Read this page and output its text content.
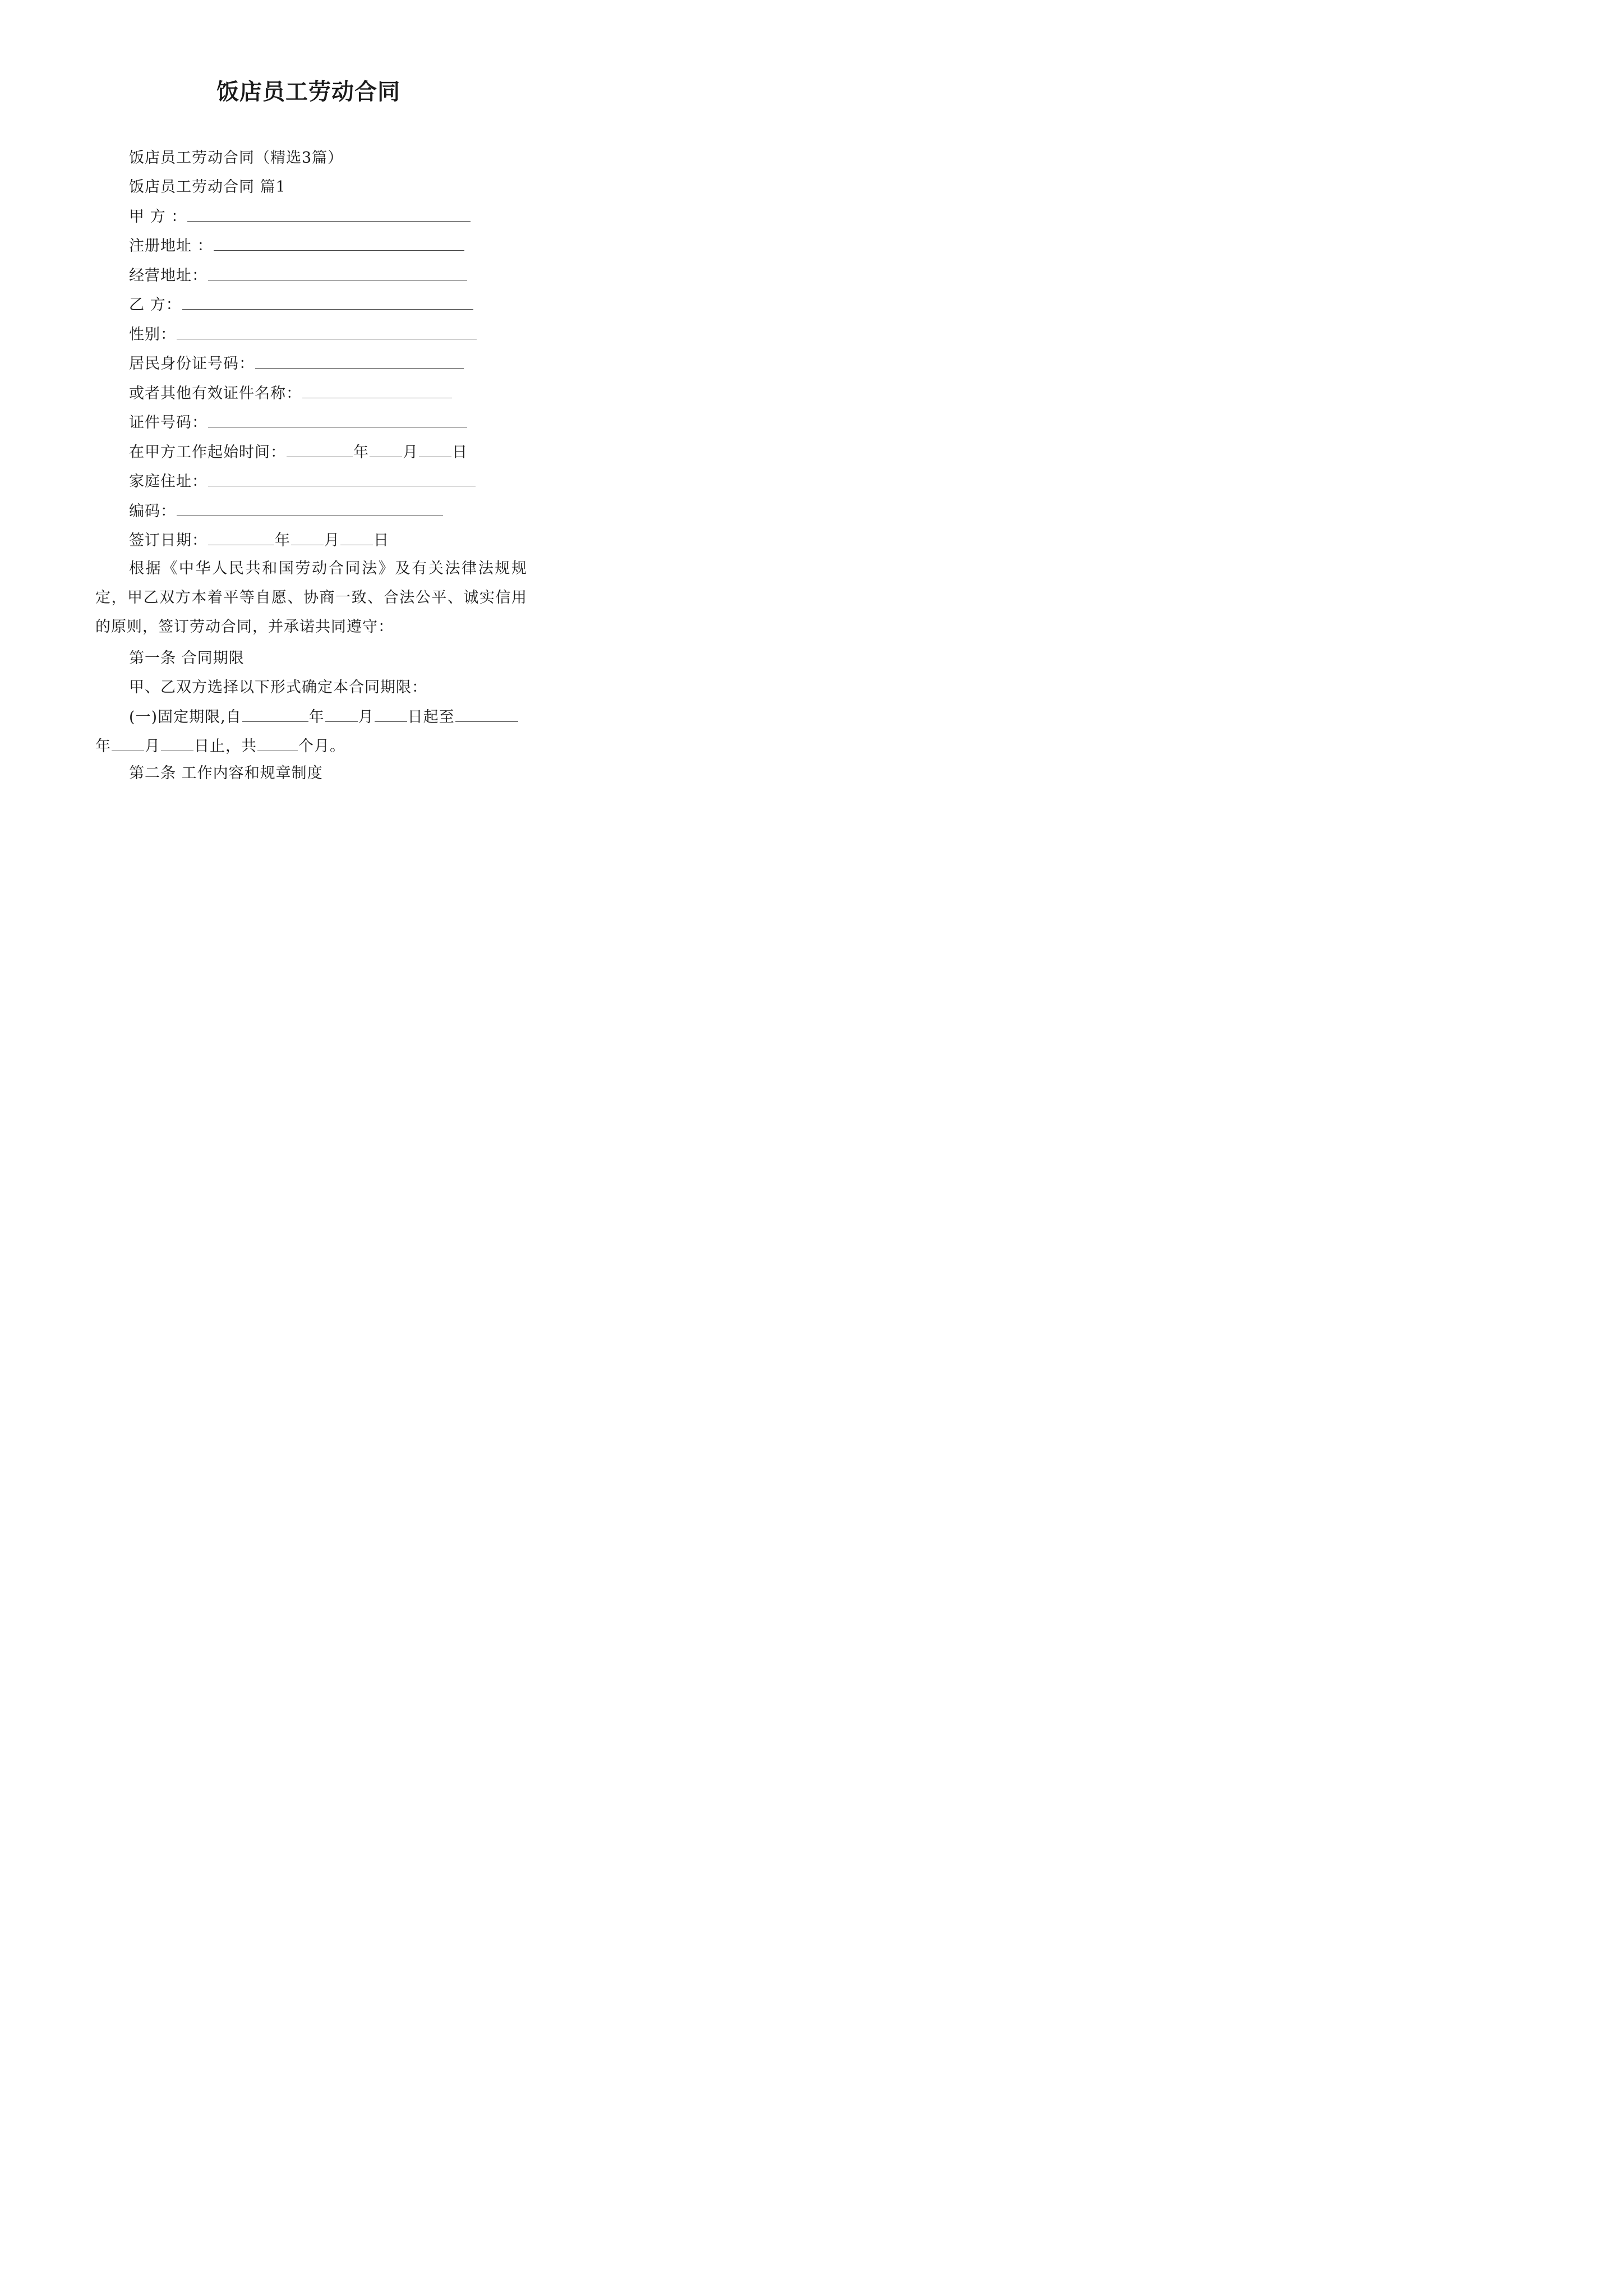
饭店员工劳动合同
饭店员工劳动合同（精选3篇）
饭店员工劳动合同 篇1
甲 方 ：
注册地址 ：
经营地址：
乙 方：
性别：
居民身份证号码：
或者其他有效证件名称：
证件号码：
在甲方工作起始时间：	年 月 日
家庭住址：
编码：
签订日期：	年 月 日
根据《中华人民共和国劳动合同法》及有关法律法规规定，甲乙双方本着平等自愿、协商一致、合法公平、诚实信用的原则，签订劳动合同，并承诺共同遵守：
第一条 合同期限
甲、乙双方选择以下形式确定本合同期限：
(一)固定期限,自	年 月 日起至
年 月 日止，共	个月。
第二条 工作内容和规章制度
